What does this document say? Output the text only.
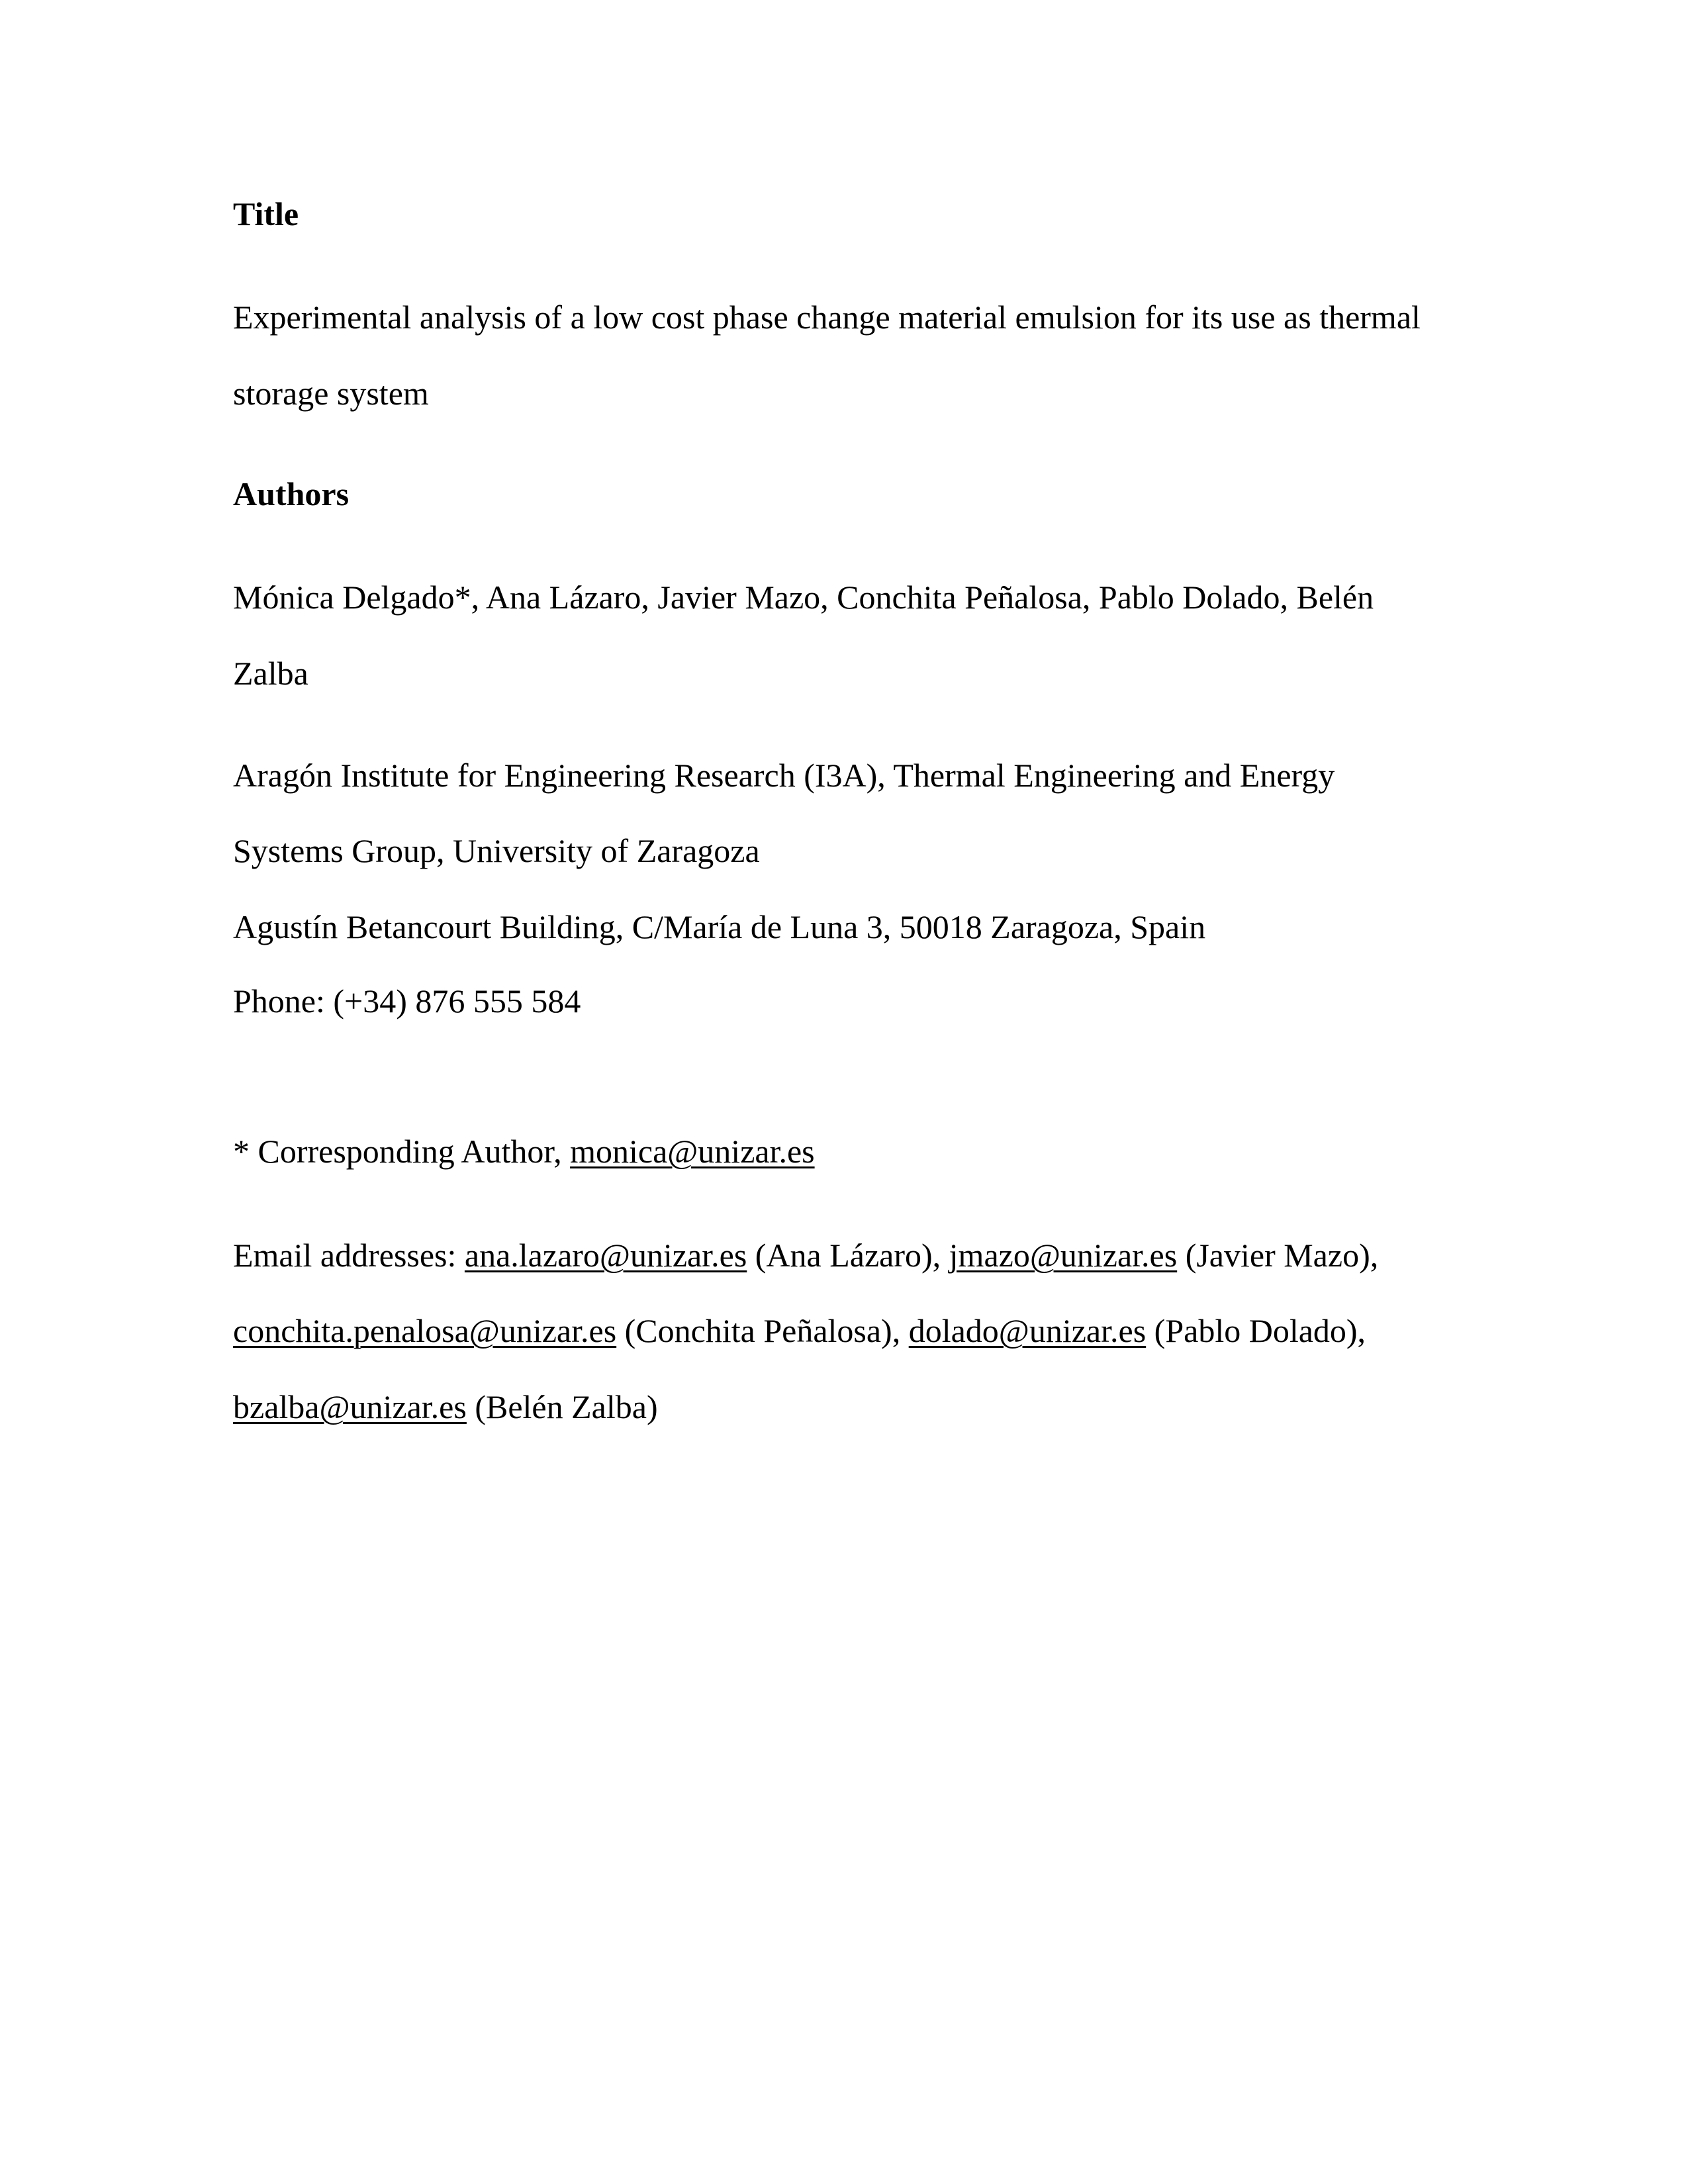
Title
Experimental analysis of a low cost phase change material emulsion for its use as thermal
storage system
Authors
Mónica Delgado*, Ana Lázaro, Javier Mazo, Conchita Peñalosa, Pablo Dolado, Belén
Zalba
Aragón Institute for Engineering Research (I3A), Thermal Engineering and Energy
Systems Group, University of Zaragoza
Agustín Betancourt Building, C/María de Luna 3, 50018 Zaragoza, Spain
Phone: (+34) 876 555 584
* Corresponding Author, monica@unizar.es
Email addresses: ana.lazaro@unizar.es (Ana Lázaro), jmazo@unizar.es (Javier Mazo),
conchita.penalosa@unizar.es (Conchita Peñalosa), dolado@unizar.es (Pablo Dolado),
bzalba@unizar.es (Belén Zalba)
